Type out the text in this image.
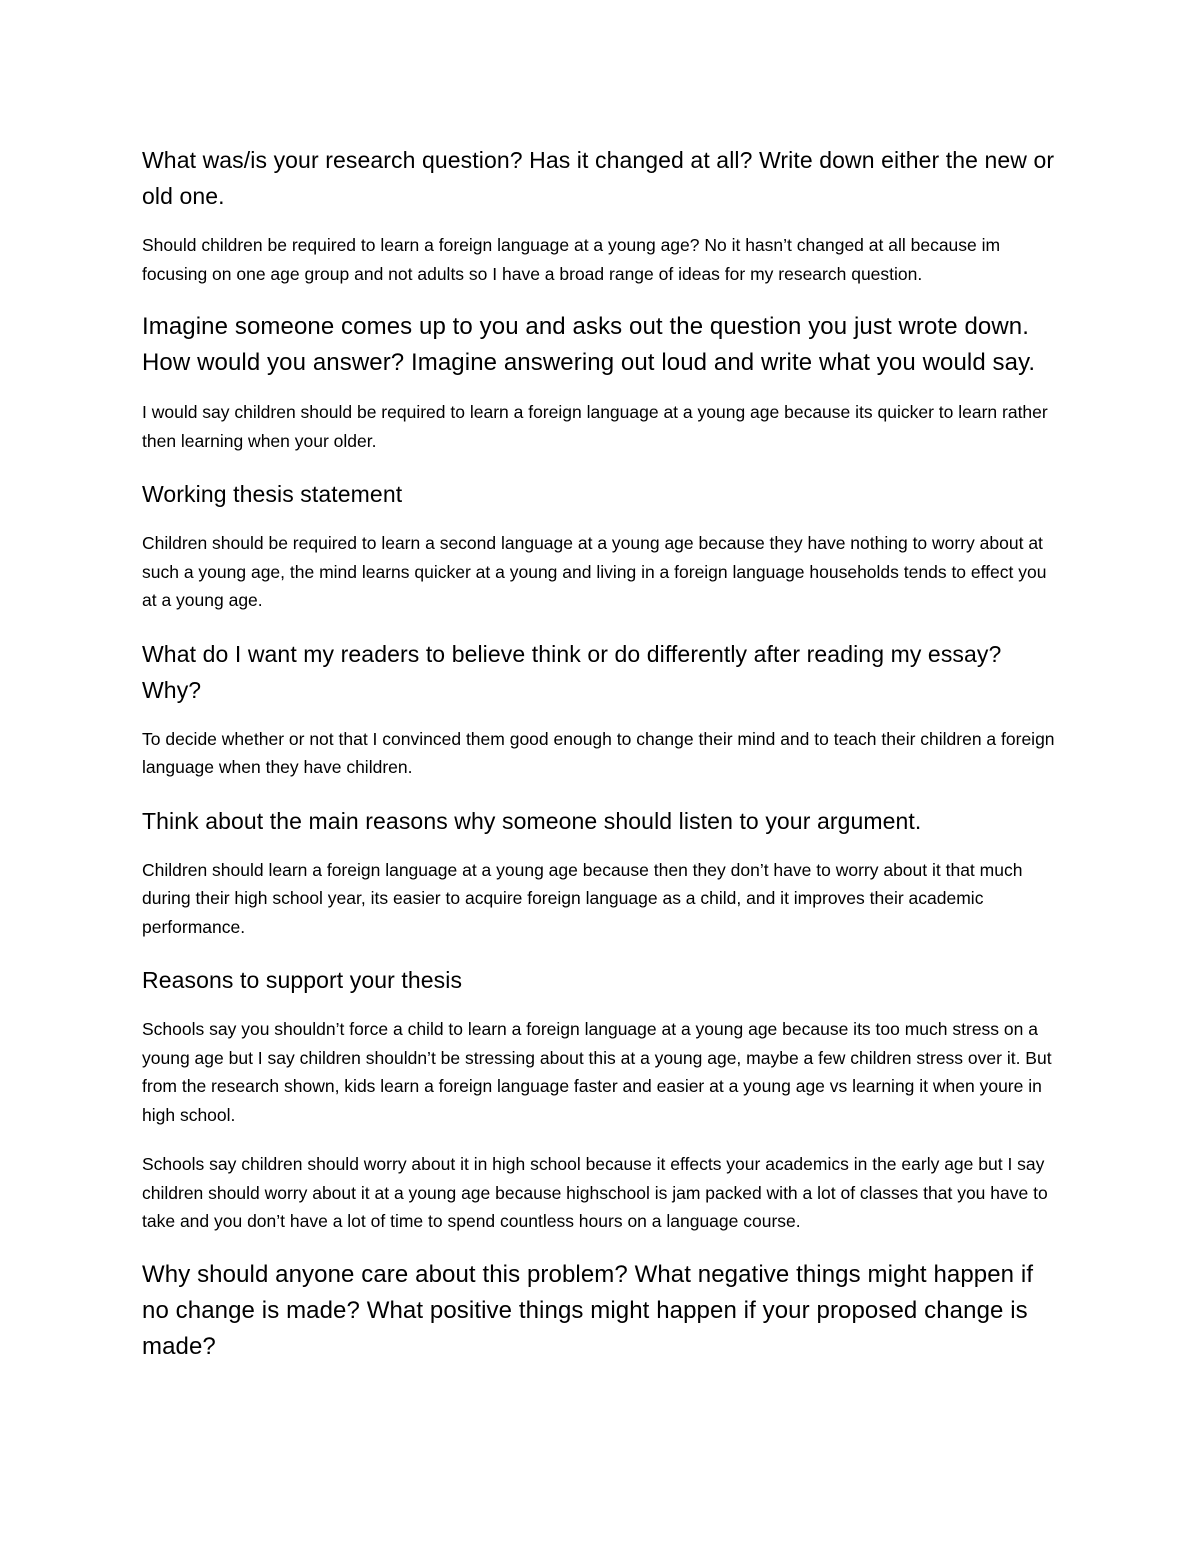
What was/is your research question? Has it changed at all? Write down either the new or old one.

Should children be required to learn a foreign language at a young age? No it hasn’t changed at all because im focusing on one age group and not adults so I have a broad range of ideas for my research question.

Imagine someone comes up to you and asks out the question you just wrote down. How would you answer? Imagine answering out loud and write what you would say.

I would say children should be required to learn a foreign language at a young age because its quicker to learn rather then learning when your older.

Working thesis statement

Children should be required to learn a second language at a young age because they have nothing to worry about at such a young age, the mind learns quicker at a young and living in a foreign language households tends to effect you at a young age.

What do I want my readers to believe think or do differently after reading my essay? Why?

To decide whether or not that I convinced them good enough to change their mind and to teach their children a foreign language when they have children.

Think about the main reasons why someone should listen to your argument.

Children should learn a foreign language at a young age because then they don’t have to worry about it that much during their high school year, its easier to acquire foreign language as a child, and it improves their academic performance.

Reasons to support your thesis

Schools say you shouldn’t force a child to learn a foreign language at a young age because its too much stress on a young age but I say children shouldn’t be stressing about this at a young age, maybe a few children stress over it. But from the research shown, kids learn a foreign language faster and easier at a young age vs learning it when youre in high school.

Schools say children should worry about it in high school because it effects your academics in the early age but I say children should worry about it at a young age because highschool is jam packed with a lot of classes that you have to take and you don’t have a lot of time to spend countless hours on a language course.

Why should anyone care about this problem? What negative things might happen if no change is made? What positive things might happen if your proposed change is made?
